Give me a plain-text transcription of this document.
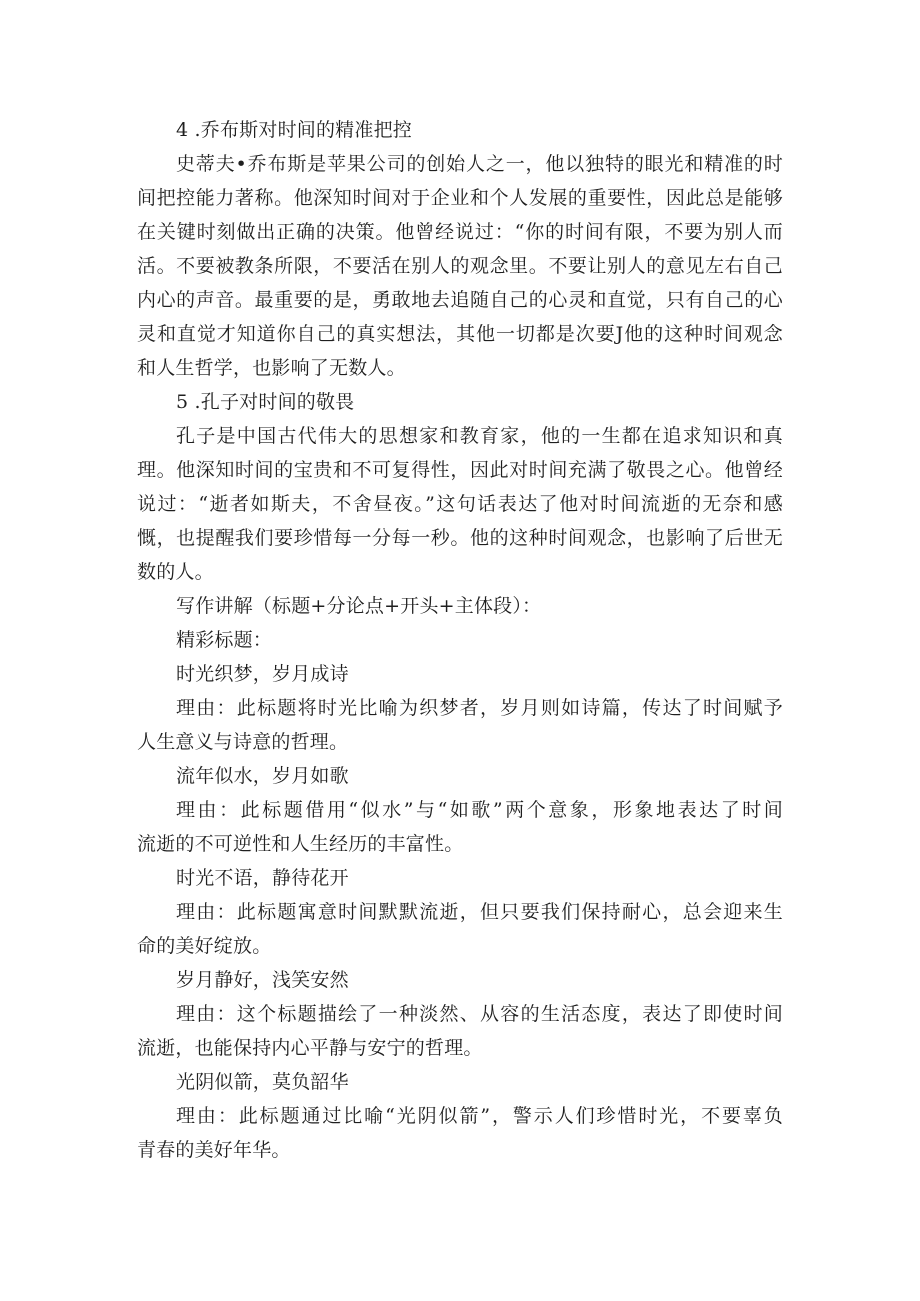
4 .乔布斯对时间的精准把控
史蒂夫•乔布斯是苹果公司的创始人之一，他以独特的眼光和精准的时
间把控能力著称。他深知时间对于企业和个人发展的重要性，因此总是能够
在关键时刻做出正确的决策。他曾经说过：“你的时间有限，不要为别人而
活。不要被教条所限，不要活在别人的观念里。不要让别人的意见左右自己
内心的声音。最重要的是，勇敢地去追随自己的心灵和直觉，只有自己的心
灵和直觉才知道你自己的真实想法，其他一切都是次要J他的这种时间观念
和人生哲学，也影响了无数人。
5 .孔子对时间的敬畏
孔子是中国古代伟大的思想家和教育家，他的一生都在追求知识和真
理。他深知时间的宝贵和不可复得性，因此对时间充满了敬畏之心。他曾经
说过：“逝者如斯夫，不舍昼夜。”这句话表达了他对时间流逝的无奈和感
慨，也提醒我们要珍惜每一分每一秒。他的这种时间观念，也影响了后世无
数的人。
写作讲解（标题+分论点+开头+主体段）：
精彩标题：
时光织梦，岁月成诗
理由：此标题将时光比喻为织梦者，岁月则如诗篇，传达了时间赋予
人生意义与诗意的哲理。
流年似水，岁月如歌
理由：此标题借用“似水”与“如歌”两个意象，形象地表达了时间
流逝的不可逆性和人生经历的丰富性。
时光不语，静待花开
理由：此标题寓意时间默默流逝，但只要我们保持耐心，总会迎来生
命的美好绽放。
岁月静好，浅笑安然
理由：这个标题描绘了一种淡然、从容的生活态度，表达了即使时间
流逝，也能保持内心平静与安宁的哲理。
光阴似箭，莫负韶华
理由：此标题通过比喻“光阴似箭”，警示人们珍惜时光，不要辜负
青春的美好年华。
